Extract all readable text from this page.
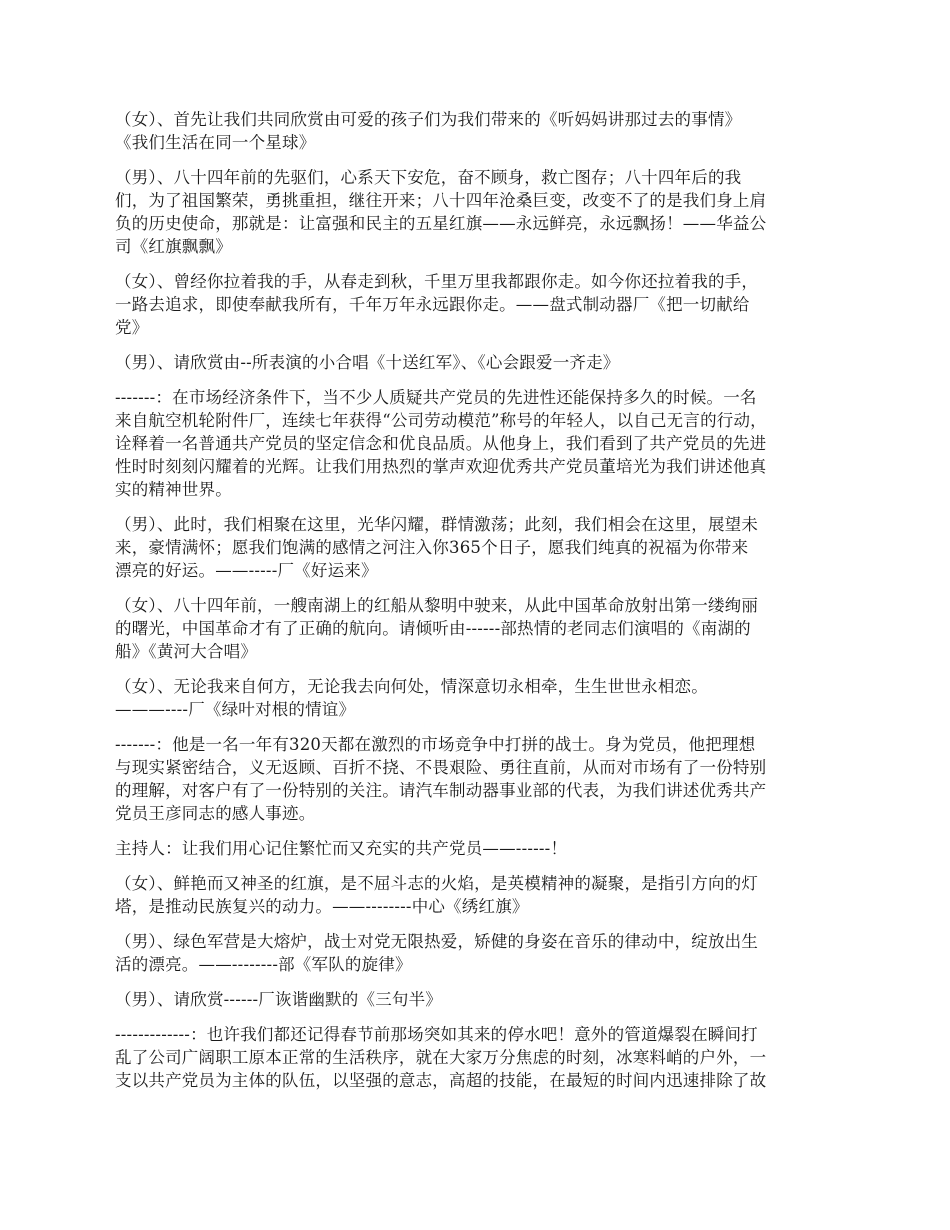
（女）、首先让我们共同欣赏由可爱的孩子们为我们带来的《听妈妈讲那过去的事情》
《我们生活在同一个星球》

（男）、八十四年前的先驱们，心系天下安危，奋不顾身，救亡图存；八十四年后的我
们，为了祖国繁荣，勇挑重担，继往开来；八十四年沧桑巨变，改变不了的是我们身上肩
负的历史使命，那就是：让富强和民主的五星红旗——永远鲜亮，永远飘扬！——华益公
司《红旗飘飘》

（女）、曾经你拉着我的手，从春走到秋，千里万里我都跟你走。如今你还拉着我的手，
一路去追求，即使奉献我所有，千年万年永远跟你走。——盘式制动器厂《把一切献给
党》

（男）、请欣赏由--所表演的小合唱《十送红军》、《心会跟爱一齐走》

-------：在市场经济条件下，当不少人质疑共产党员的先进性还能保持多久的时候。一名
来自航空机轮附件厂，连续七年获得“公司劳动模范”称号的年轻人，以自己无言的行动，
诠释着一名普通共产党员的坚定信念和优良品质。从他身上，我们看到了共产党员的先进
性时时刻刻闪耀着的光辉。让我们用热烈的掌声欢迎优秀共产党员董培光为我们讲述他真
实的精神世界。

（男）、此时，我们相聚在这里，光华闪耀，群情激荡；此刻，我们相会在这里，展望未
来，豪情满怀；愿我们饱满的感情之河注入你365个日子，愿我们纯真的祝福为你带来
漂亮的好运。——-----厂《好运来》

（女）、八十四年前，一艘南湖上的红船从黎明中驶来，从此中国革命放射出第一缕绚丽
的曙光，中国革命才有了正确的航向。请倾听由------部热情的老同志们演唱的《南湖的
船》《黄河大合唱》

（女）、无论我来自何方，无论我去向何处，情深意切永相牵，生生世世永相恋。
———----厂《绿叶对根的情谊》

-------：他是一名一年有320天都在激烈的市场竞争中打拼的战士。身为党员，他把理想
与现实紧密结合，义无返顾、百折不挠、不畏艰险、勇往直前，从而对市场有了一份特别
的理解，对客户有了一份特别的关注。请汽车制动器事业部的代表，为我们讲述优秀共产
党员王彦同志的感人事迹。

主持人：让我们用心记住繁忙而又充实的共产党员——------！

（女）、鲜艳而又神圣的红旗，是不屈斗志的火焰，是英模精神的凝聚，是指引方向的灯
塔，是推动民族复兴的动力。——--------中心《绣红旗》

（男）、绿色军营是大熔炉，战士对党无限热爱，矫健的身姿在音乐的律动中，绽放出生
活的漂亮。——--------部《军队的旋律》

（男）、请欣赏------厂诙谐幽默的《三句半》

-------------：也许我们都还记得春节前那场突如其来的停水吧！意外的管道爆裂在瞬间打
乱了公司广阔职工原本正常的生活秩序，就在大家万分焦虑的时刻，冰寒料峭的户外，一
支以共产党员为主体的队伍，以坚强的意志，高超的技能，在最短的时间内迅速排除了故
